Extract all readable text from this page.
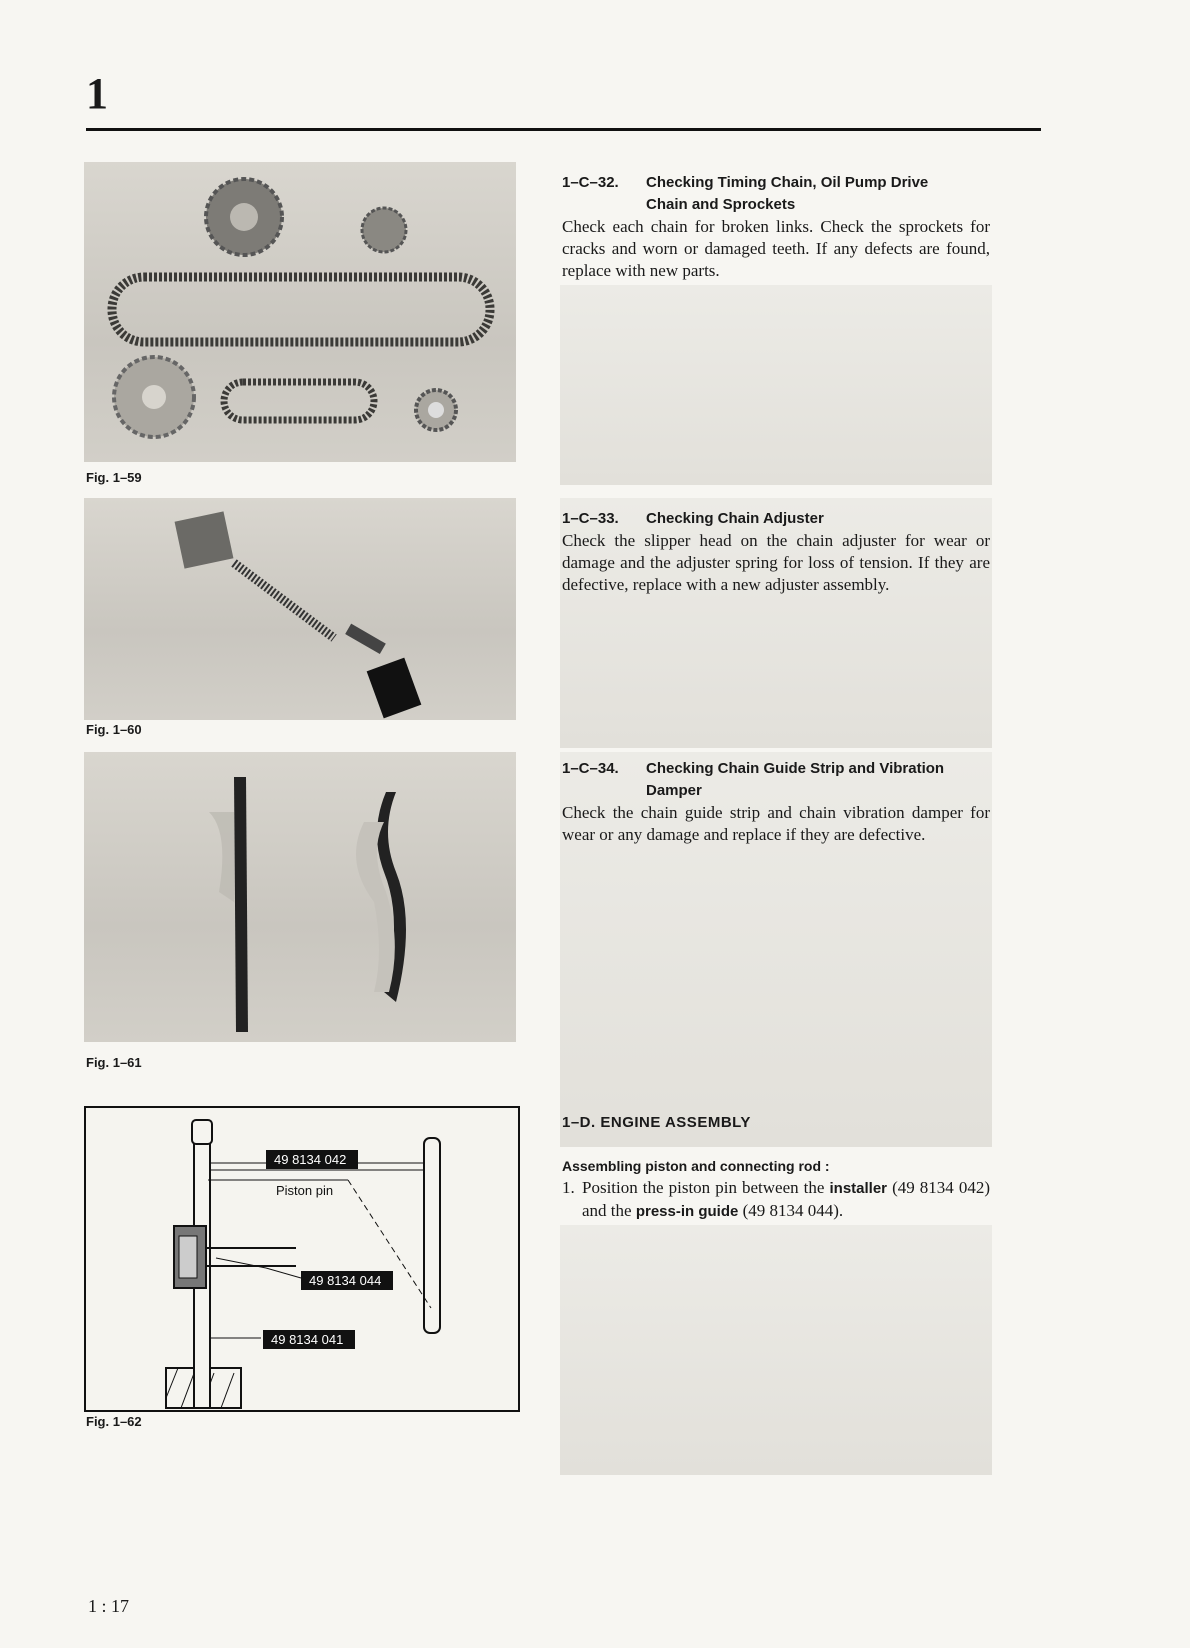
1
Fig. 1–59
Fig. 1–60
Fig. 1–61
49 8134 042
Piston pin
49 8134 044
49 8134 041
Fig. 1–62
1–C–32. Checking Timing Chain, Oil Pump Drive
Chain and Sprockets
Check each chain for broken links. Check the sprockets for cracks and worn or damaged teeth. If any defects are found, replace with new parts.
1–C–33. Checking Chain Adjuster
Check the slipper head on the chain adjuster for wear or damage and the adjuster spring for loss of tension. If they are defective, replace with a new adjuster assembly.
1–C–34. Checking Chain Guide Strip and Vibration
Damper
Check the chain guide strip and chain vibration damper for wear or any damage and replace if they are defective.
1–D. ENGINE ASSEMBLY
Assembling piston and connecting rod :
1. Position the piston pin between the installer (49 8134 042) and the press-in guide (49 8134 044).
1 : 17
